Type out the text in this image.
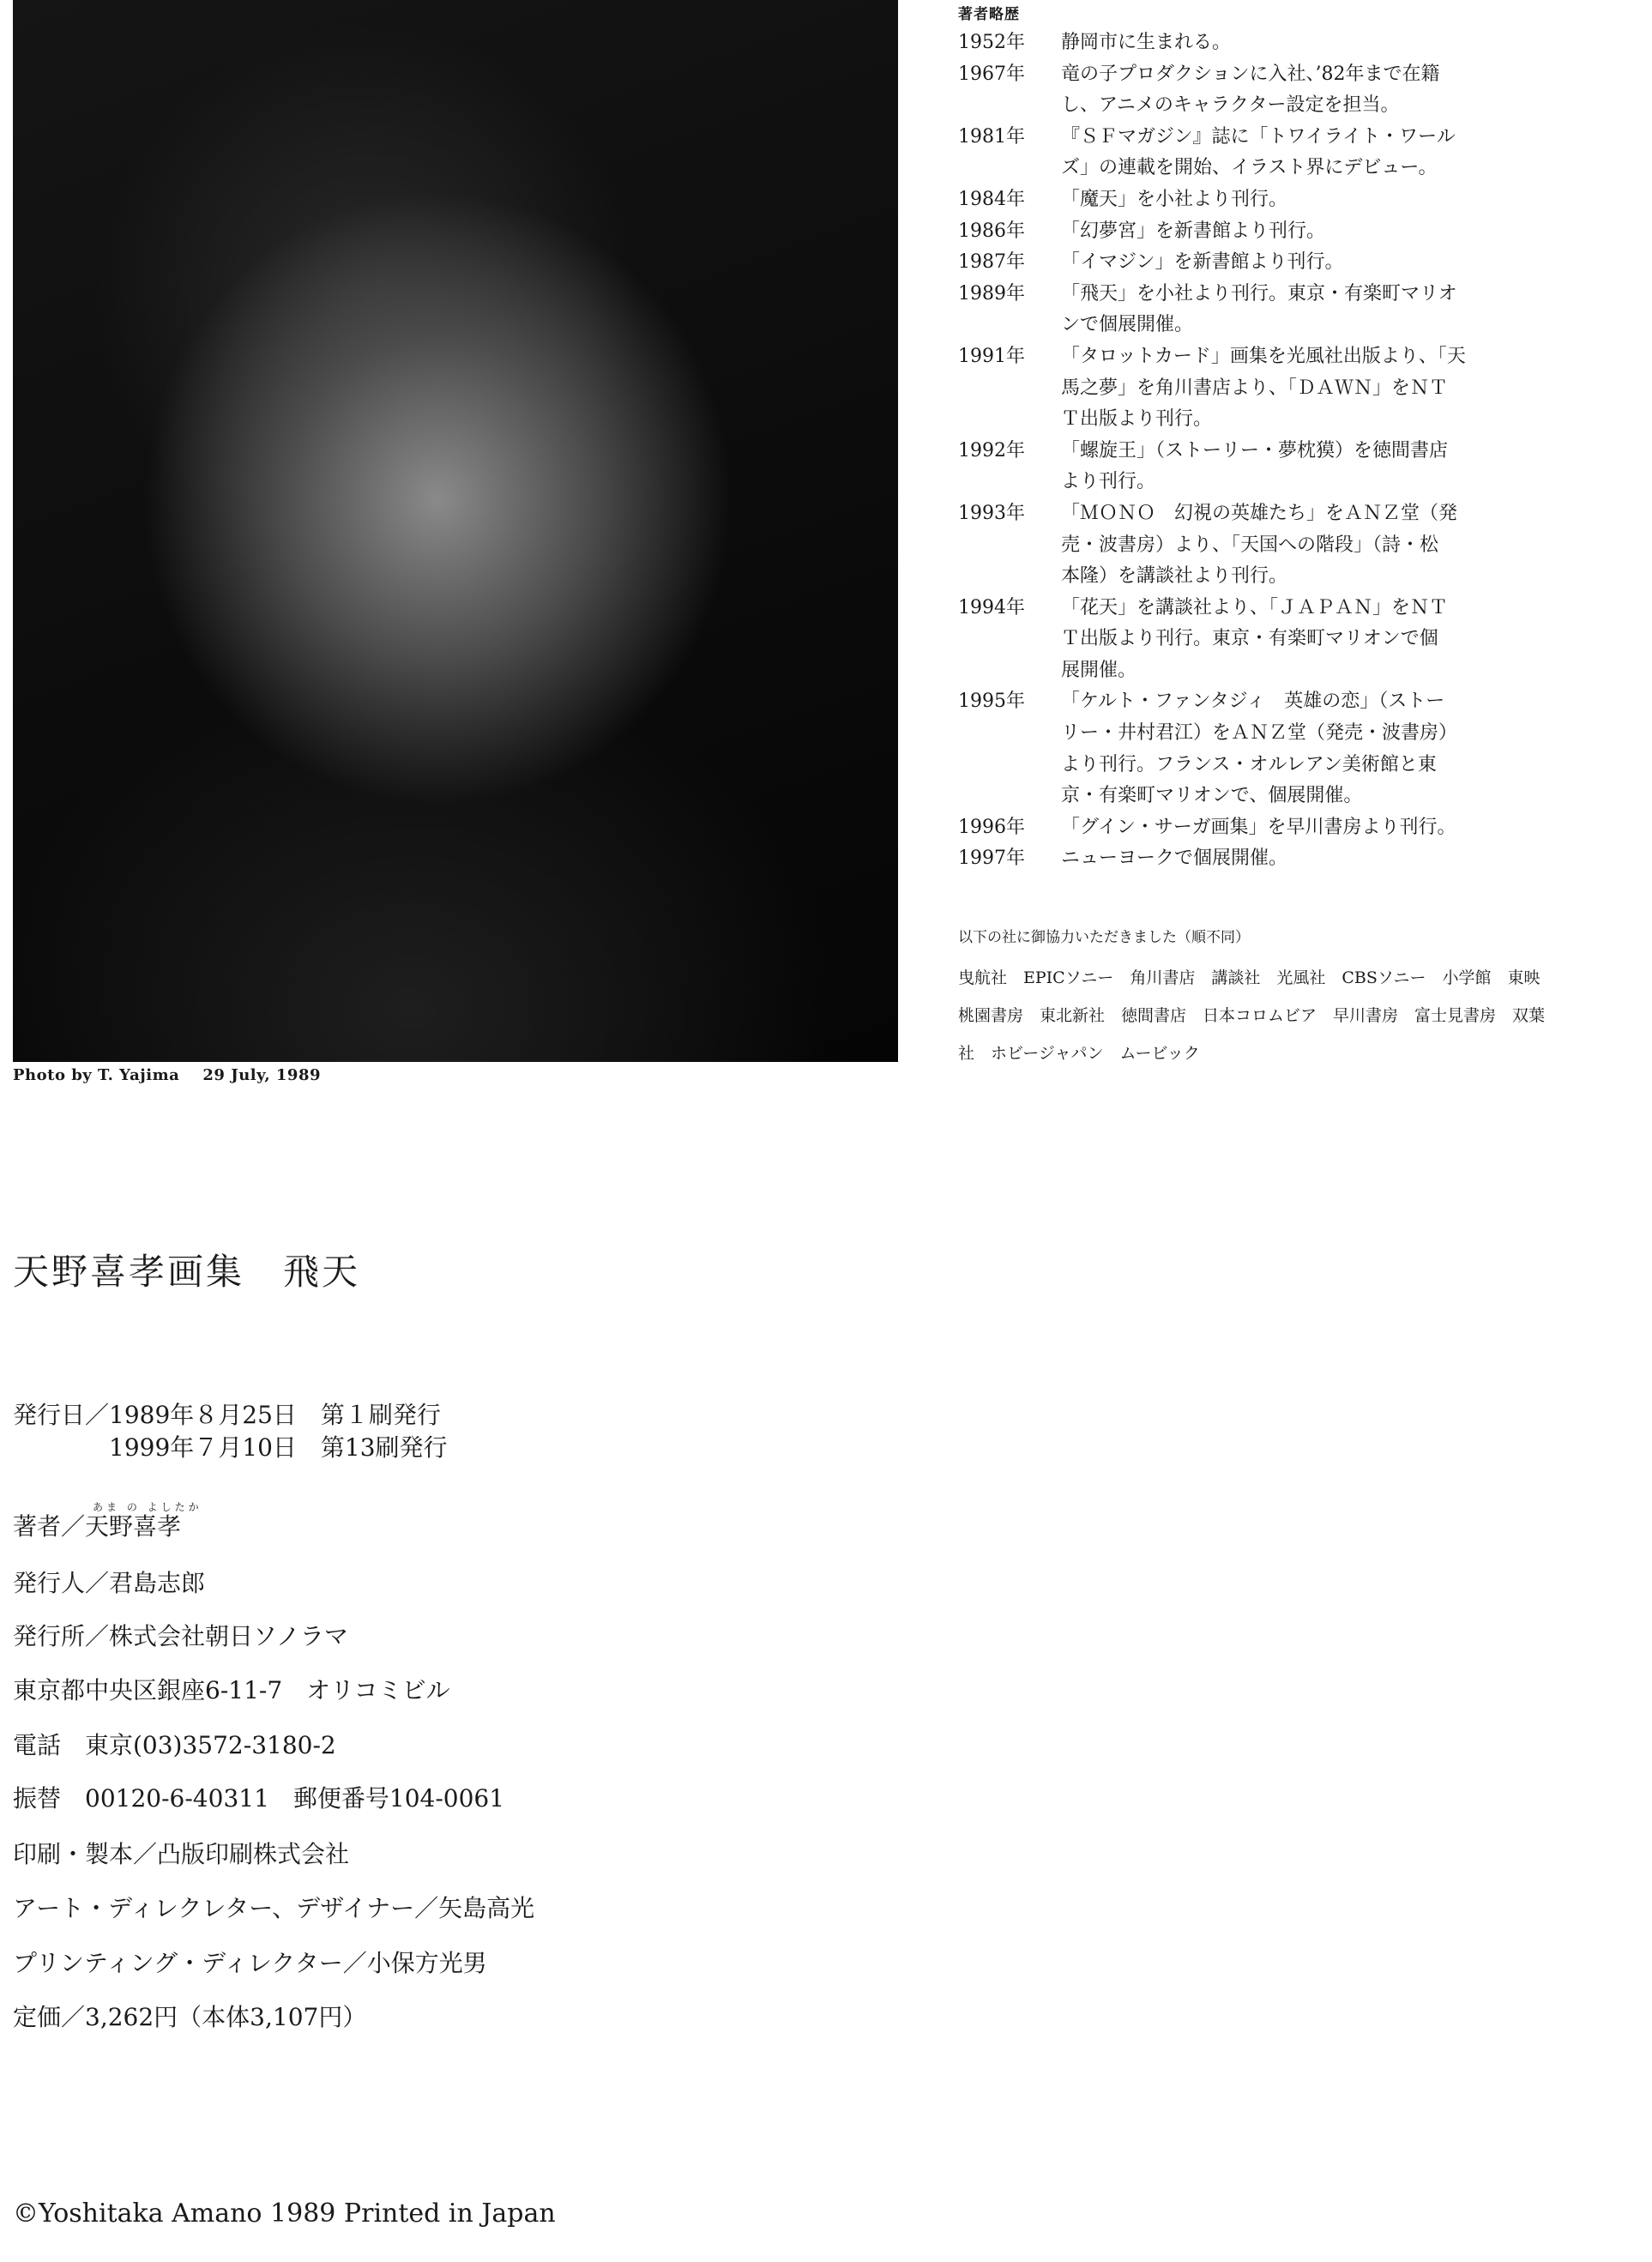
Photo by T. Yajima    29 July, 1989
著者略歴
1952年	静岡市に生まれる。
1967年	竜の子プロダクションに入社、’82年まで在籍
し、アニメのキャラクター設定を担当。
1981年	『ＳＦマガジン』誌に「トワイライト・ワール
ズ」の連載を開始、イラスト界にデビュー。
1984年	「魔天」を小社より刊行。
1986年	「幻夢宮」を新書館より刊行。
1987年	「イマジン」を新書館より刊行。
1989年	「飛天」を小社より刊行。東京・有楽町マリオ
ンで個展開催。
1991年	「タロットカード」画集を光風社出版より、「天
馬之夢」を角川書店より、「ＤＡＷＮ」をＮＴ
Ｔ出版より刊行。
1992年	「螺旋王」（ストーリー・夢枕獏）を徳間書店
より刊行。
1993年	「ＭＯＮＯ　幻視の英雄たち」をＡＮＺ堂（発
売・波書房）より、「天国への階段」（詩・松
本隆）を講談社より刊行。
1994年	「花天」を講談社より、「ＪＡＰＡＮ」をＮＴ
Ｔ出版より刊行。東京・有楽町マリオンで個
展開催。
1995年	「ケルト・ファンタジィ　英雄の恋」（ストー
リー・井村君江）をＡＮＺ堂（発売・波書房）
より刊行。フランス・オルレアン美術館と東
京・有楽町マリオンで、個展開催。
1996年	「グイン・サーガ画集」を早川書房より刊行。
1997年	ニューヨークで個展開催。
以下の社に御協力いただきました（順不同）
曳航社　EPICソニー　角川書店　講談社　光風社　CBSソニー　小学館　東映
桃園書房　東北新社　徳間書店　日本コロムビア　早川書房　富士見書房　双葉
社　ホビージャパン　ムービック
天野喜孝画集　飛天
発行日／1989年８月25日　第１刷発行
　　　　1999年７月10日　第13刷発行
あま の よしたか
著者／天野喜孝
発行人／君島志郎
発行所／株式会社朝日ソノラマ
東京都中央区銀座6-11-7　オリコミビル
電話　東京(03)3572-3180-2
振替　00120-6-40311　郵便番号104-0061
印刷・製本／凸版印刷株式会社
アート・ディレクレター、デザイナー／矢島高光
プリンティング・ディレクター／小保方光男
定価／3,262円（本体3,107円）
©Yoshitaka Amano 1989 Printed in Japan
